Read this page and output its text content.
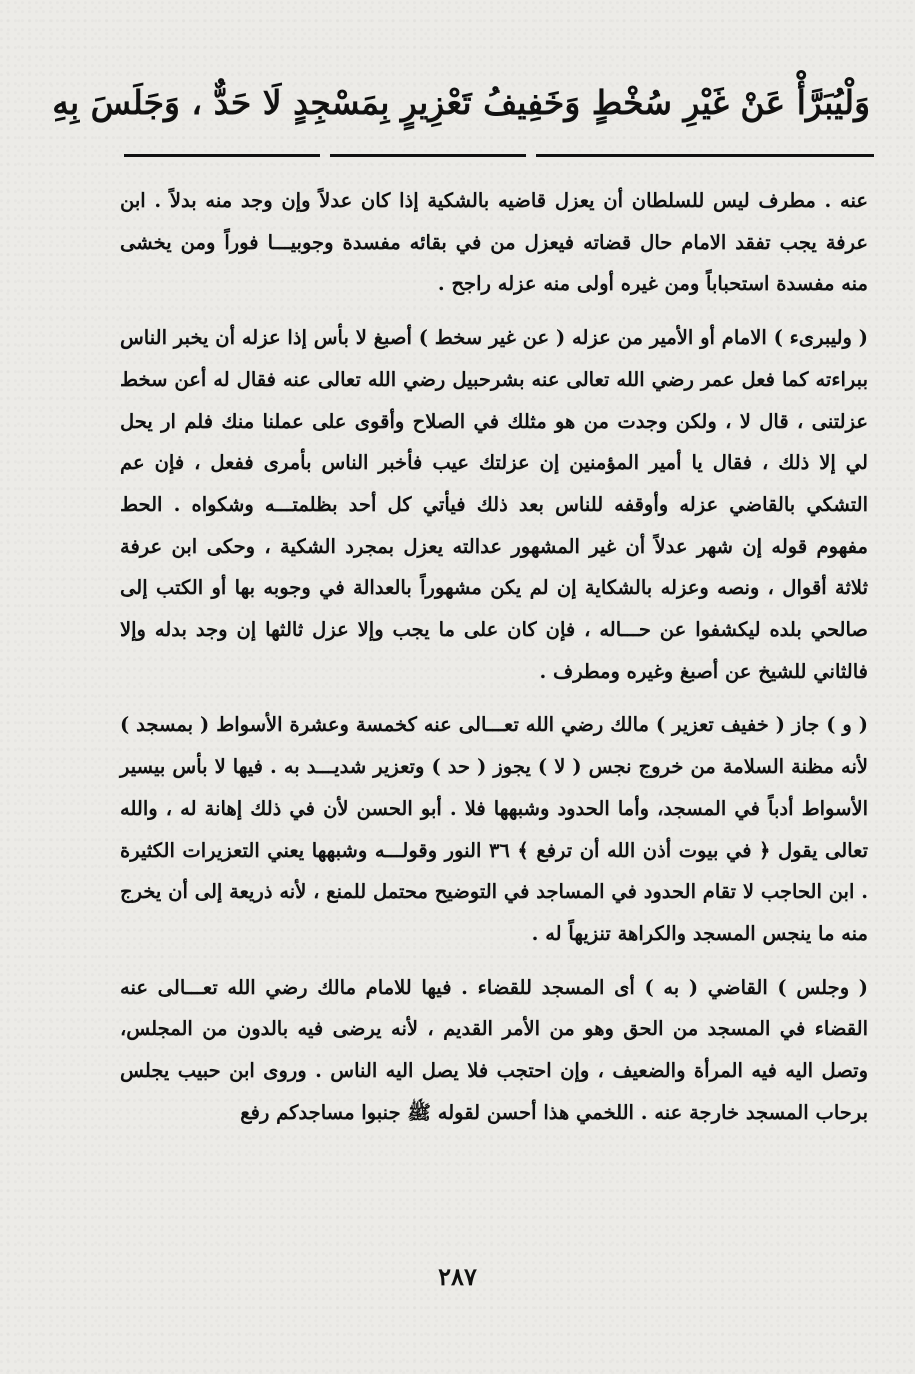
وَلْيُبَرَّأْ عَنْ غَيْرِ سُخْطٍ وَخَفِيفُ تَعْزِيرٍ بِمَسْجِدٍ لَا حَدٌّ ، وَجَلَسَ بِهِ

عنه . مطرف ليس للسلطان أن يعزل قاضيه بالشكية إذا كان عدلاً وإن وجد منه بدلاً . ابن عرفة يجب تفقد الامام حال قضاته فيعزل من في بقائه مفسدة وجوبيـــا فوراً ومن يخشى منه مفسدة استحباباً ومن غيره أولى منه عزله راجح .

( وليبرىء ) الامام أو الأمير من عزله ( عن غير سخط ) أصبغ لا بأس إذا عزله أن يخبر الناس ببراءته كما فعل عمر رضي الله تعالى عنه بشرحبيل رضي الله تعالى عنه فقال له أعن سخط عزلتنى ، قال لا ، ولكن وجدت من هو مثلك في الصلاح وأقوى على عملنا منك فلم ار يحل لي إلا ذلك ، فقال يا أمير المؤمنين إن عزلتك عيب فأخبر الناس بأمرى ففعل ، فإن عم التشكي بالقاضي عزله وأوقفه للناس بعد ذلك فيأتي كل أحد بظلمتـــه وشكواه . الحط مفهوم قوله إن شهر عدلاً أن غير المشهور عدالته يعزل بمجرد الشكية ، وحكى ابن عرفة ثلاثة أقوال ، ونصه وعزله بالشكاية إن لم يكن مشهوراً بالعدالة في وجوبه بها أو الكتب إلى صالحي بلده ليكشفوا عن حـــاله ، فإن كان على ما يجب وإلا عزل ثالثها إن وجد بدله وإلا فالثاني للشيخ عن أصبغ وغيره ومطرف .

( و ) جاز ( خفيف تعزير ) مالك رضي الله تعـــالى عنه كخمسة وعشرة الأسواط ( بمسجد ) لأنه مظنة السلامة من خروج نجس ( لا ) يجوز ( حد ) وتعزير شديـــد به . فيها لا بأس بيسير الأسواط أدباً في المسجد، وأما الحدود وشبهها فلا . أبو الحسن لأن في ذلك إهانة له ، والله تعالى يقول ﴿ في بيوت أذن الله أن ترفع ﴾ ٣٦ النور وقولـــه وشبهها يعني التعزيرات الكثيرة . ابن الحاجب لا تقام الحدود في المساجد في التوضيح محتمل للمنع ، لأنه ذريعة إلى أن يخرج منه ما ينجس المسجد والكراهة تنزيهاً له .

( وجلس ) القاضي ( به ) أى المسجد للقضاء . فيها للامام مالك رضي الله تعـــالى عنه القضاء في المسجد من الحق وهو من الأمر القديم ، لأنه يرضى فيه بالدون من المجلس، وتصل اليه فيه المرأة والضعيف ، وإن احتجب فلا يصل اليه الناس . وروى ابن حبيب يجلس برحاب المسجد خارجة عنه . اللخمي هذا أحسن لقوله ﷺ جنبوا مساجدكم رفع

٢٨٧
